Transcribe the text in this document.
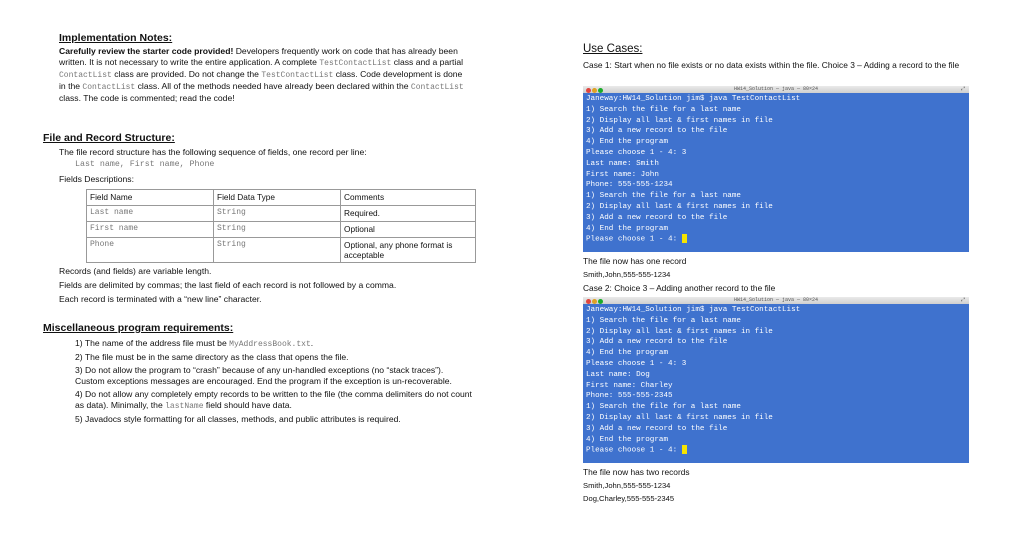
Implementation Notes:
Carefully review the starter code provided! Developers frequently work on code that has already been written. It is not necessary to write the entire application. A complete TestContactList class and a partial ContactList class are provided. Do not change the TestContactList class. Code development is done in the ContactList class. All of the methods needed have already been declared within the ContactList class. The code is commented; read the code!
File and Record Structure:
The file record structure has the following sequence of fields, one record per line:
Last name, First name, Phone
Fields Descriptions:
Field Name	Field Data Type	Comments
Last name	String	Required.
First name	String	Optional
Phone	String	Optional, any phone format is acceptable
Records (and fields) are variable length.
Fields are delimited by commas; the last field of each record is not followed by a comma.
Each record is terminated with a “new line” character.
Miscellaneous program requirements:
1) The name of the address file must be MyAddressBook.txt.
2) The file must be in the same directory as the class that opens the file.
3) Do not allow the program to “crash” because of any un-handled exceptions (no “stack traces”). Custom exceptions messages are encouraged. End the program if the exception is un-recoverable.
4) Do not allow any completely empty records to be written to the file (the comma delimiters do not count as data). Minimally, the lastName field should have data.
5) Javadocs style formatting for all classes, methods, and public attributes is required.
Use Cases:
Case 1: Start when no file exists or no data exists within the file. Choice 3 – Adding a record to the file
HW14_Solution — java — 80×24	⤢
Janeway:HW14_Solution jim$ java TestContactList
1) Search the file for a last name
2) Display all last & first names in file
3) Add a new record to the file
4) End the program
Please choose 1 - 4: 3
Last name: Smith
First name: John
Phone: 555-555-1234
1) Search the file for a last name
2) Display all last & first names in file
3) Add a new record to the file
4) End the program
Please choose 1 - 4:
The file now has one record
Smith,John,555-555-1234
Case 2: Choice 3 – Adding another record to the file
HW14_Solution — java — 80×24	⤢
Janeway:HW14_Solution jim$ java TestContactList
1) Search the file for a last name
2) Display all last & first names in file
3) Add a new record to the file
4) End the program
Please choose 1 - 4: 3
Last name: Dog
First name: Charley
Phone: 555-555-2345
1) Search the file for a last name
2) Display all last & first names in file
3) Add a new record to the file
4) End the program
Please choose 1 - 4:
The file now has two records
Smith,John,555-555-1234
Dog,Charley,555-555-2345
